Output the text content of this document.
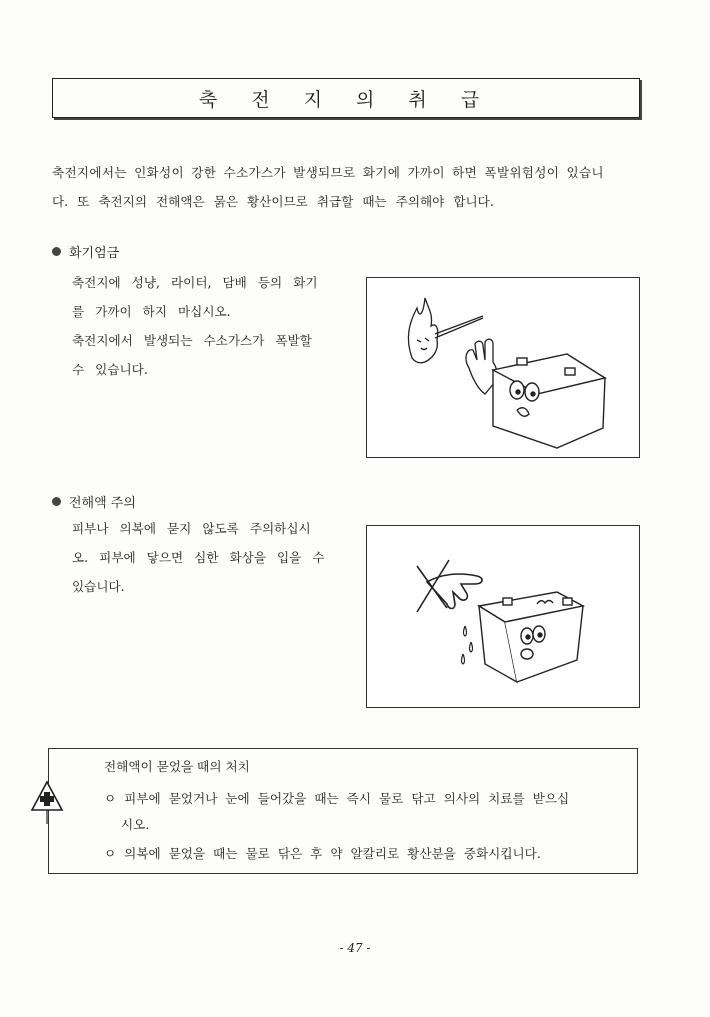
축 전 지 의 취 급
축전지에서는 인화성이 강한 수소가스가 발생되므로 화기에 가까이 하면 폭발위험성이 있습니
다. 또 축전지의 전해액은 묽은 황산이므로 취급할 때는 주의해야 합니다.
화기엄금
축전지에 성냥, 라이터, 담배 등의 화기
를 가까이 하지 마십시오.
축전지에서 발생되는 수소가스가 폭발할
수 있습니다.
전해액 주의
피부나 의복에 묻지 않도록 주의하십시
오. 피부에 닿으면 심한 화상을 입을 수
있습니다.
전해액이 묻었을 때의 처치
ㅇ 피부에 묻었거나 눈에 들어갔을 때는 즉시 물로 닦고 의사의 치료를 받으십
시오.
ㅇ 의복에 묻었을 때는 물로 닦은 후 약 알칼리로 황산분을 중화시킵니다.
- 47 -
